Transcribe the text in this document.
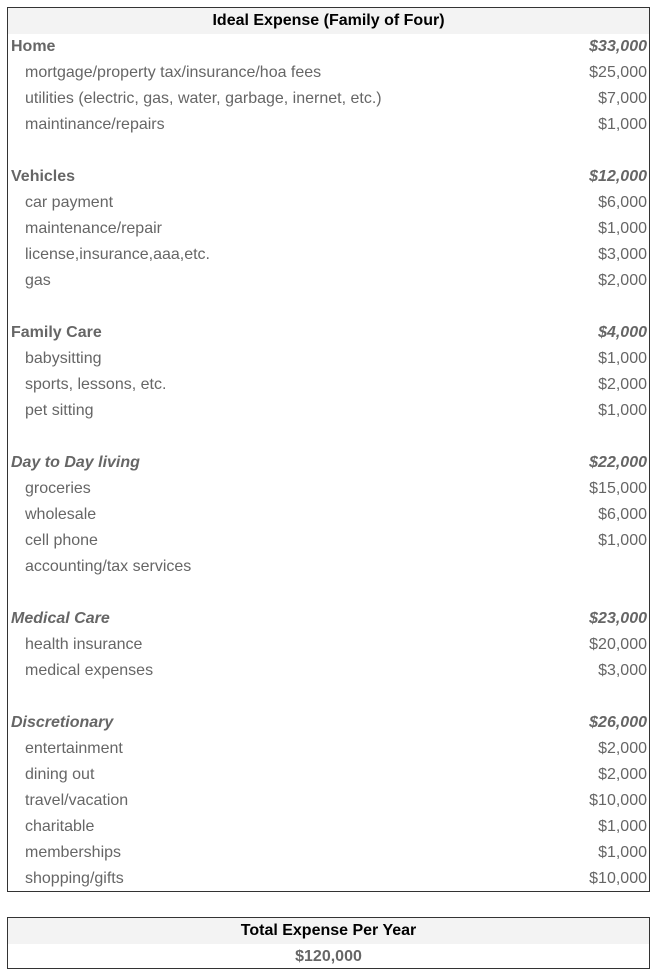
Ideal Expense (Family of Four)
Home	$33,000
mortgage/property tax/insurance/hoa fees	$25,000
utilities (electric, gas, water, garbage, inernet, etc.)	$7,000
maintinance/repairs	$1,000
Vehicles	$12,000
car payment	$6,000
maintenance/repair	$1,000
license,insurance,aaa,etc.	$3,000
gas	$2,000
Family Care	$4,000
babysitting	$1,000
sports, lessons, etc.	$2,000
pet sitting	$1,000
Day to Day living	$22,000
groceries	$15,000
wholesale	$6,000
cell phone	$1,000
accounting/tax services
Medical Care	$23,000
health insurance	$20,000
medical expenses	$3,000
Discretionary	$26,000
entertainment	$2,000
dining out	$2,000
travel/vacation	$10,000
charitable	$1,000
memberships	$1,000
shopping/gifts	$10,000
Total Expense Per Year
$120,000
